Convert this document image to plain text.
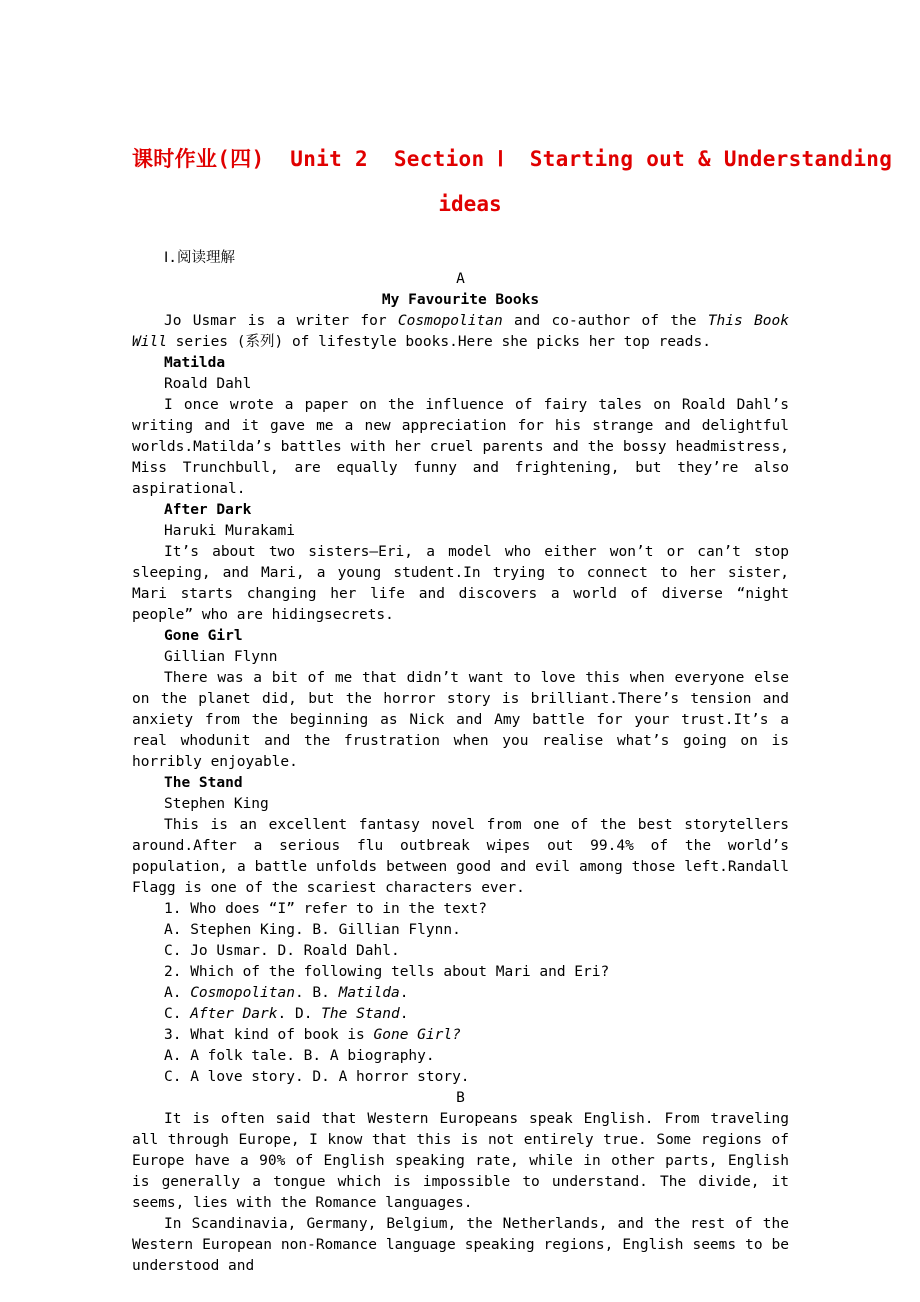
课时作业(四)  Unit 2  Section Ⅰ  Starting out & Understanding
ideas

Ⅰ.阅读理解

A

My Favourite Books

Jo Usmar is a writer for Cosmopolitan and co-author of the This Book Will series (系列) of lifestyle books.Here she picks her top reads.

Matilda

Roald Dahl

I once wrote a paper on the influence of fairy tales on Roald Dahl’s writing and it gave me a new appreciation for his strange and delightful worlds.Matilda’s battles with her cruel parents and the bossy headmistress, Miss Trunchbull, are equally funny and frightening, but they’re also aspirational.

After Dark

Haruki Murakami

It’s about two sisters—Eri, a model who either won’t or can’t stop sleeping, and Mari, a young student.In trying to connect to her sister, Mari starts changing her life and discovers a world of diverse “night people” who are hidingsecrets.

Gone Girl

Gillian Flynn

There was a bit of me that didn’t want to love this when everyone else on the planet did, but the horror story is brilliant.There’s tension and anxiety from the beginning as Nick and Amy battle for your trust.It’s a real whodunit and the frustration when you realise what’s going on is horribly enjoyable.

The Stand

Stephen King

This is an excellent fantasy novel from one of the best storytellers around.After a serious flu outbreak wipes out 99.4% of the world’s population, a battle unfolds between good and evil among those left.Randall Flagg is one of the scariest characters ever.

1. Who does “I” refer to in the text?

A. Stephen King. B. Gillian Flynn.

C. Jo Usmar. D. Roald Dahl.

2. Which of the following tells about Mari and Eri?

A. Cosmopolitan. B. Matilda.

C. After Dark. D. The Stand.

3. What kind of book is Gone Girl?

A. A folk tale. B. A biography.

C. A love story. D. A horror story.

B

It is often said that Western Europeans speak English. From traveling all through Europe, I know that this is not entirely true. Some regions of Europe have a 90% of English speaking rate, while in other parts, English is generally a tongue which is impossible to understand. The divide, it seems, lies with the Romance languages.

In Scandinavia, Germany, Belgium, the Netherlands, and the rest of the Western European non-Romance language speaking regions, English seems to be understood and
